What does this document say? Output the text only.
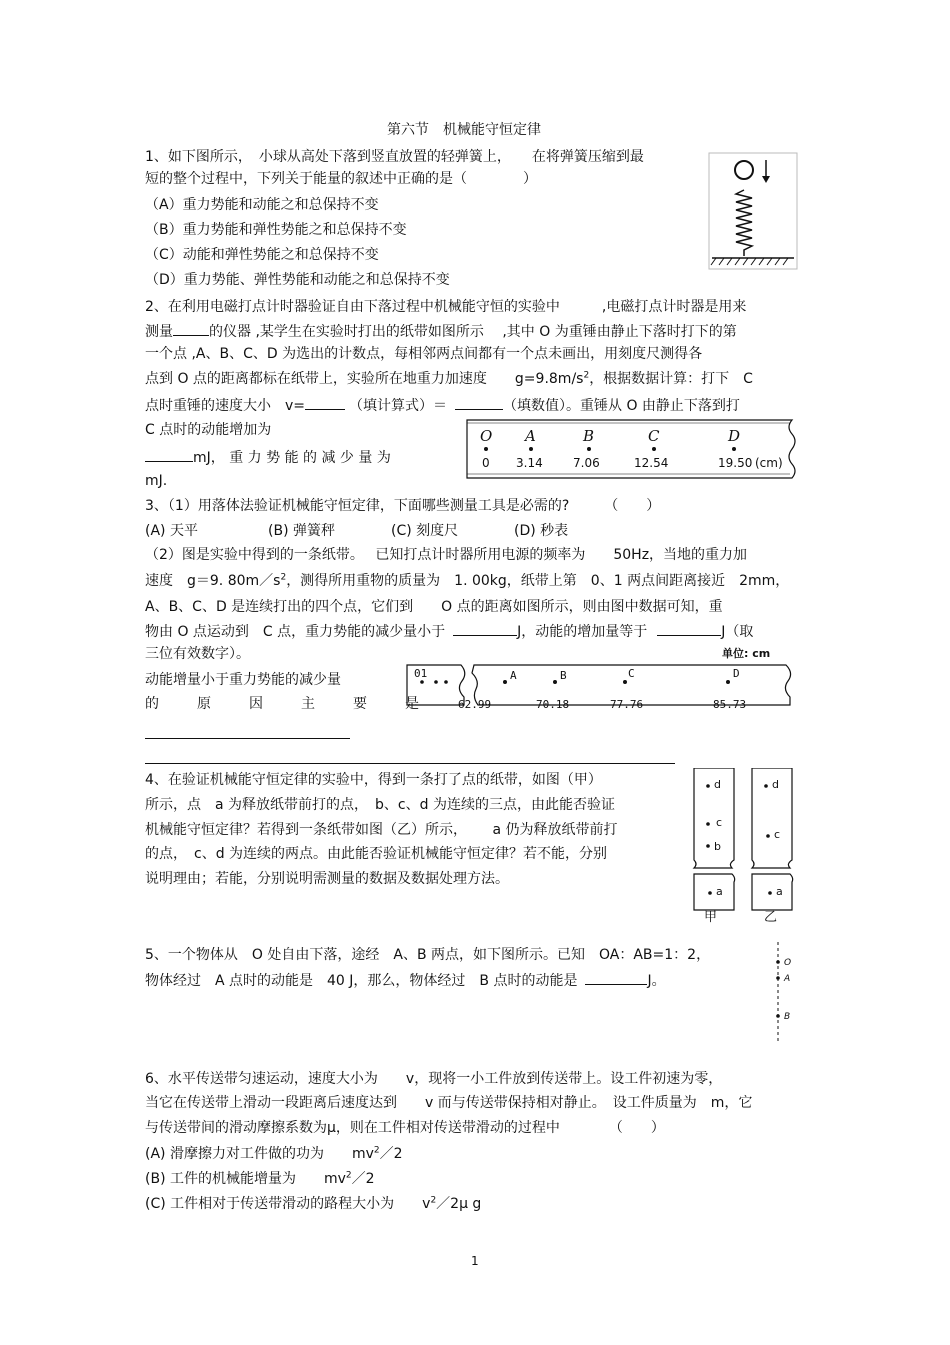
第六节　机械能守恒定律
1、如下图所示，　小球从高处下落到竖直放置的轻弹簧上，　　在将弹簧压缩到最
短的整个过程中，下列关于能量的叙述中正确的是（　　　　）
（A）重力势能和动能之和总保持不变
（B）重力势能和弹性势能之和总保持不变
（C）动能和弹性势能之和总保持不变
（D）重力势能、弹性势能和动能之和总保持不变
2、在利用电磁打点计时器验证自由下落过程中机械能守恒的实验中　　　,电磁打点计时器是用来
测量	的仪器 ,某学生在实验时打出的纸带如图所示　 ,其中 O 为重锤由静止下落时打下的第
一个点 ,A、B、C、D 为选出的计数点，每相邻两点间都有一个点未画出，用刻度尺测得各
点到 O 点的距离都标在纸带上，实验所在地重力加速度　　$g=9.8m/s^2$，根据数据计算：打下　C
点时重锤的速度大小　v=	（填计算式）＝	（填数值）。重锤从 O 由静止下落到打
C 点时的动能增加为
mJ， 重 力 势 能 的 减 少 量 为
mJ.
O A	B	C	D
0 3.14	7.06	12.54	19.50 (cm)
3、（1）用落体法验证机械能守恒定律，下面哪些测量工具是必需的?　　　（　　）
(A) 天平	(B) 弹簧秤	(C) 刻度尺	(D) 秒表
（2）图是实验中得到的一条纸带。　 已知打点计时器所用电源的频率为　　50Hz，当地的重力加
速度　g＝9. $80m/s^2$，测得所用重物的质量为　1. 00kg，纸带上第　0、1 两点间距离接近　2mm，
A、B、C、D 是连续打出的四个点，它们到　　O 点的距离如图所示，则由图中数据可知，重
物由 O 点运动到　C 点，重力势能的减少量小于	J，动能的增加量等于	J（取
三位有效数字）。
动能增量小于重力势能的减少量
的原因主要是
单位: cm
01	A	B	C	D
62.99	70.18	77.76	85.73
4、在验证机械能守恒定律的实验中，得到一条打了点的纸带，如图（甲）
所示，点　a 为释放纸带前打的点，　b、c、d 为连续的三点，由此能否验证
机械能守恒定律？若得到一条纸带如图（乙）所示，　　 a 仍为释放纸带前打
的点，　c、d 为连续的两点。由此能否验证机械能守恒定律？若不能，分别
说明理由；若能，分别说明需测量的数据及数据处理方法。
d
c
b
a
d
c
a
甲	乙
5、一个物体从　O 处自由下落，途经　A、B 两点，如下图所示。已知　OA：AB=1：2，
物体经过　A 点时的动能是　40 J，那么，物体经过　B 点时的动能是	J。
O
A
B
6、水平传送带匀速运动，速度大小为　　v，现将一小工件放到传送带上。设工件初速为零，
当它在传送带上滑动一段距离后速度达到　　v 而与传送带保持相对静止。　设工件质量为　m，它
与传送带间的滑动摩擦系数为μ，则在工件相对传送带滑动的过程中　　　　（　　）
(A) 滑摩擦力对工件做的功为　　$mv^2/2$
(B) 工件的机械能增量为　　$mv^2/2$
(C) 工件相对于传送带滑动的路程大小为　　$v^2/2\mu$ g
1
